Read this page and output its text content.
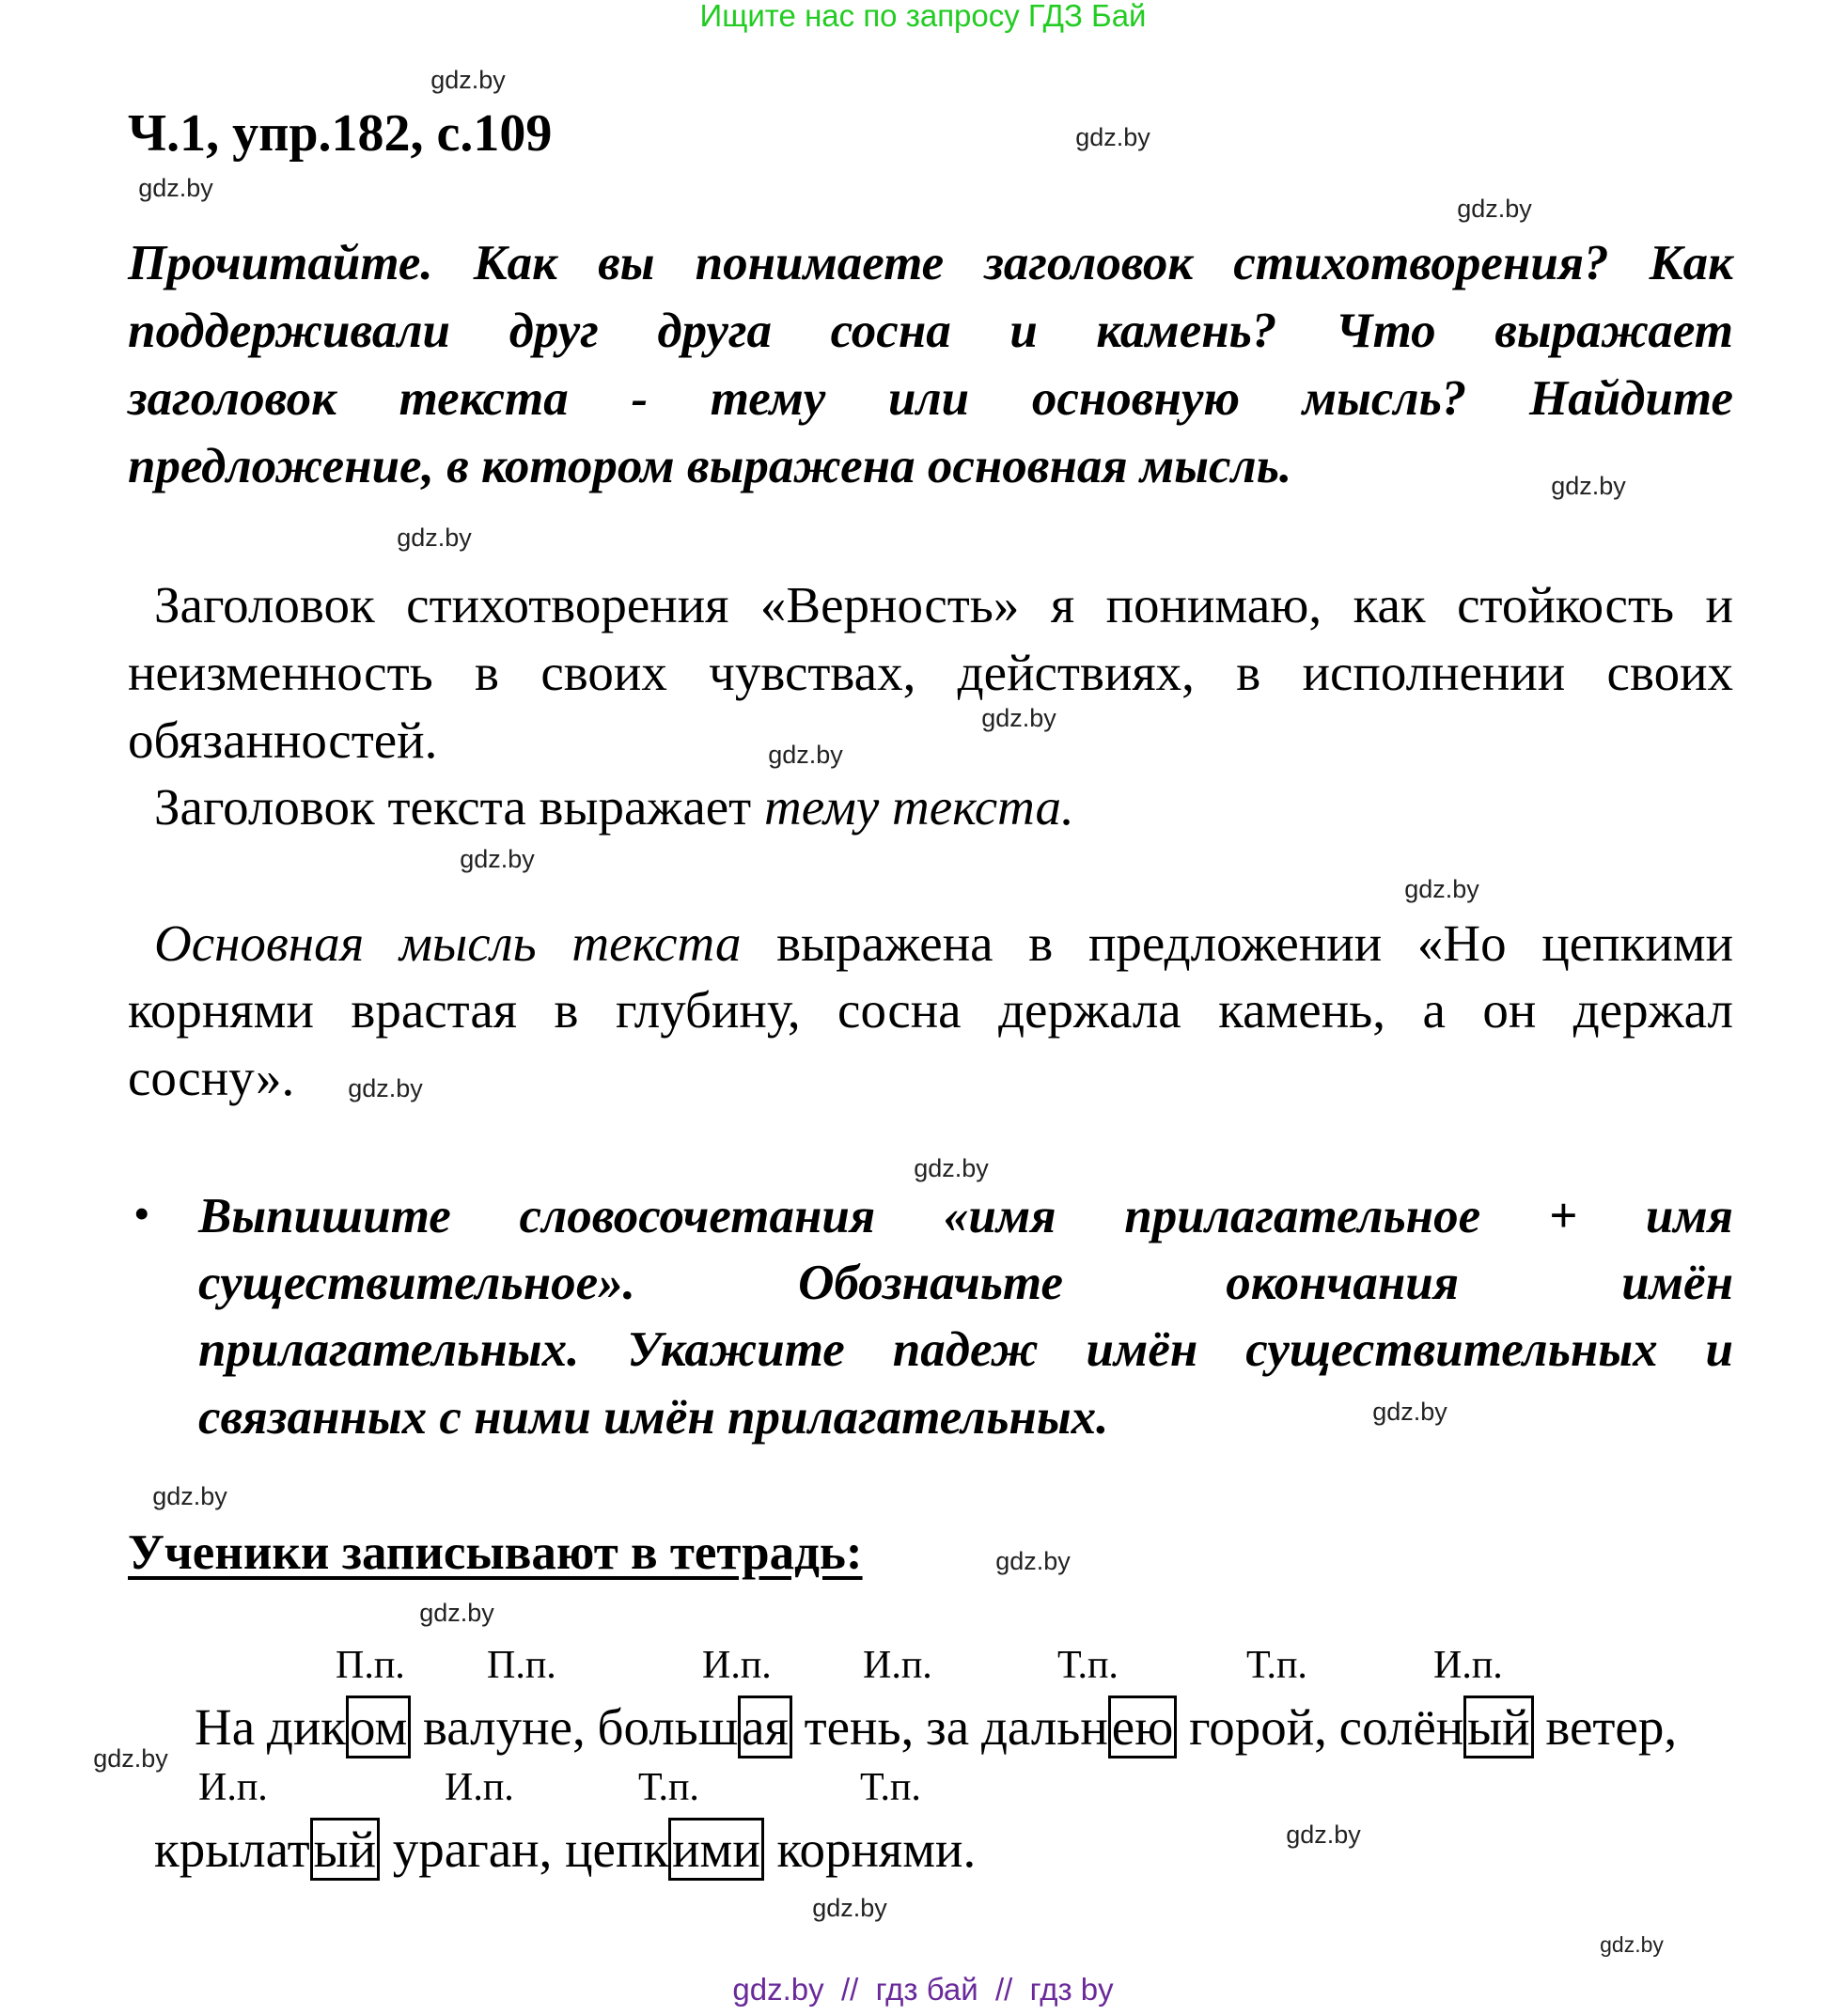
Ищите нас по запросу ГДЗ Бай
Ч.1, упр.182, с.109
Прочитайте. Как вы понимаете заголовок стихотворения? Как
поддерживали друг друга сосна и камень? Что выражает
заголовок текста - тему или основную мысль? Найдите
предложение, в котором выражена основная мысль.
Заголовок стихотворения «Верность» я понимаю, как стойкость и
неизменность в своих чувствах, действиях, в исполнении своих
обязанностей.
Заголовок текста выражает тему текста.
Основная мысль текста выражена в предложении «Но цепкими
корнями врастая в глубину, сосна держала камень, а он держал
сосну».
• Выпишите словосочетания «имя прилагательное + имя
существительное». Обозначьте окончания имён
прилагательных. Укажите падеж имён существительных и
связанных с ними имён прилагательных.
Ученики записывают в тетрадь:
П.п. П.п.	И.п. И.п.	Т.п.	Т.п.	И.п.
На диком валуне, большая тень, за дальнею горой, солёный ветер,
И.п.	И.п.	Т.п.	Т.п.
крылатый ураган, цепкими корнями.
gdz.by
gdz.by
gdz.by
gdz.by
gdz.by
gdz.by
gdz.by
gdz.by
gdz.by
gdz.by
gdz.by
gdz.by
gdz.by
gdz.by
gdz.by
gdz.by
gdz.by
gdz.by
gdz.by
gdz.by
gdz.by  //  гдз бай  //  гдз by
